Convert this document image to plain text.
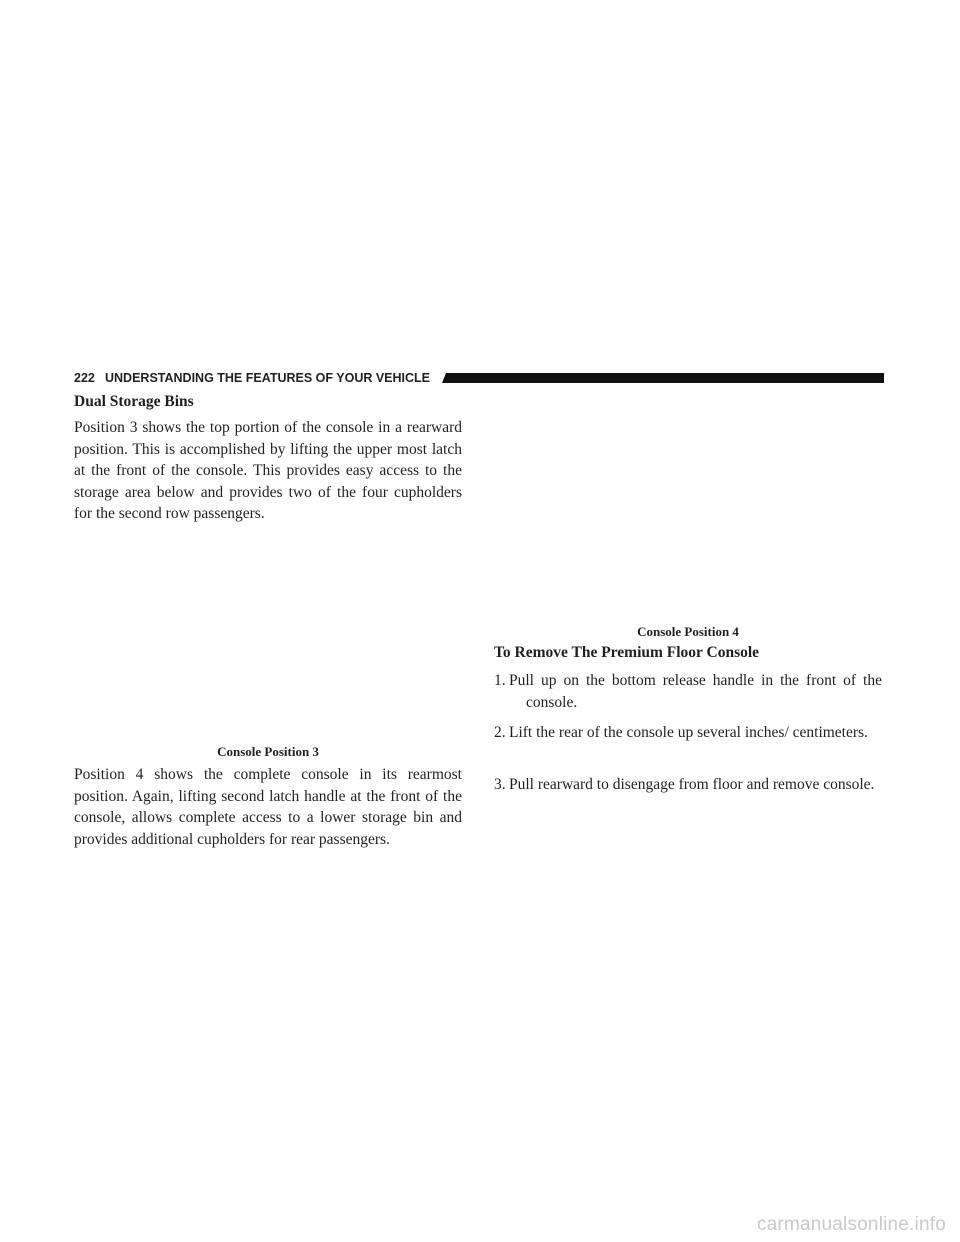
222 UNDERSTANDING THE FEATURES OF YOUR VEHICLE
Dual Storage Bins
Position 3 shows the top portion of the console in a rearward position. This is accomplished by lifting the upper most latch at the front of the console. This provides easy access to the storage area below and provides two of the four cupholders for the second row passengers.
Console Position 3
Position 4 shows the complete console in its rearmost position. Again, lifting second latch handle at the front of the console, allows complete access to a lower storage bin and provides additional cupholders for rear passengers.
Console Position 4
To Remove The Premium Floor Console
1. Pull up on the bottom release handle in the front of the console.
2. Lift the rear of the console up several inches/ centimeters.
3. Pull rearward to disengage from floor and remove console.
carmanualsonline.info
